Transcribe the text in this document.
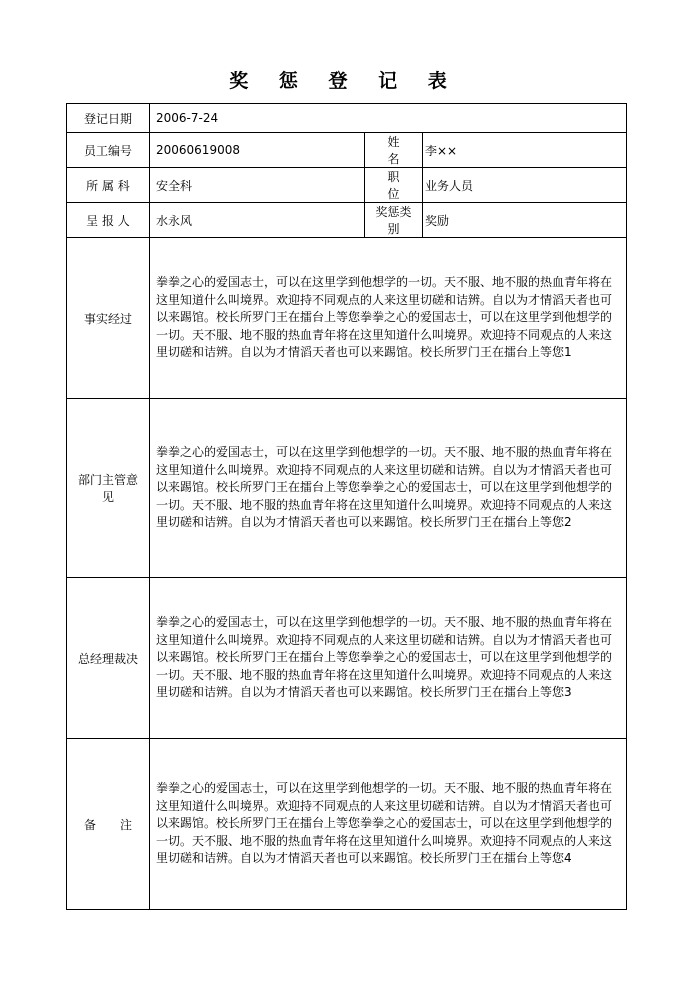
奖 惩 登 记 表
登记日期	2006-7-24		
员工编号	20060619008	姓　　名	李××
所 属 科	安全科	职　　位	业务人员
呈 报 人	水永风	奖惩类别	奖励
事实经过	拳拳之心的爱国志士，可以在这里学到他想学的一切。天不服、地不服的热血青年将在这里知道什么叫境界。欢迎持不同观点的人来这里切磋和诘辨。自以为才情滔天者也可以来踢馆。校长所罗门王在擂台上等您拳拳之心的爱国志士，可以在这里学到他想学的一切。天不服、地不服的热血青年将在这里知道什么叫境界。欢迎持不同观点的人来这里切磋和诘辨。自以为才情滔天者也可以来踢馆。校长所罗门王在擂台上等您1		
部门主管意见	拳拳之心的爱国志士，可以在这里学到他想学的一切。天不服、地不服的热血青年将在这里知道什么叫境界。欢迎持不同观点的人来这里切磋和诘辨。自以为才情滔天者也可以来踢馆。校长所罗门王在擂台上等您拳拳之心的爱国志士，可以在这里学到他想学的一切。天不服、地不服的热血青年将在这里知道什么叫境界。欢迎持不同观点的人来这里切磋和诘辨。自以为才情滔天者也可以来踢馆。校长所罗门王在擂台上等您2		
总经理裁决	拳拳之心的爱国志士，可以在这里学到他想学的一切。天不服、地不服的热血青年将在这里知道什么叫境界。欢迎持不同观点的人来这里切磋和诘辨。自以为才情滔天者也可以来踢馆。校长所罗门王在擂台上等您拳拳之心的爱国志士，可以在这里学到他想学的一切。天不服、地不服的热血青年将在这里知道什么叫境界。欢迎持不同观点的人来这里切磋和诘辨。自以为才情滔天者也可以来踢馆。校长所罗门王在擂台上等您3		
备　　注	拳拳之心的爱国志士，可以在这里学到他想学的一切。天不服、地不服的热血青年将在这里知道什么叫境界。欢迎持不同观点的人来这里切磋和诘辨。自以为才情滔天者也可以来踢馆。校长所罗门王在擂台上等您拳拳之心的爱国志士，可以在这里学到他想学的一切。天不服、地不服的热血青年将在这里知道什么叫境界。欢迎持不同观点的人来这里切磋和诘辨。自以为才情滔天者也可以来踢馆。校长所罗门王在擂台上等您4		
